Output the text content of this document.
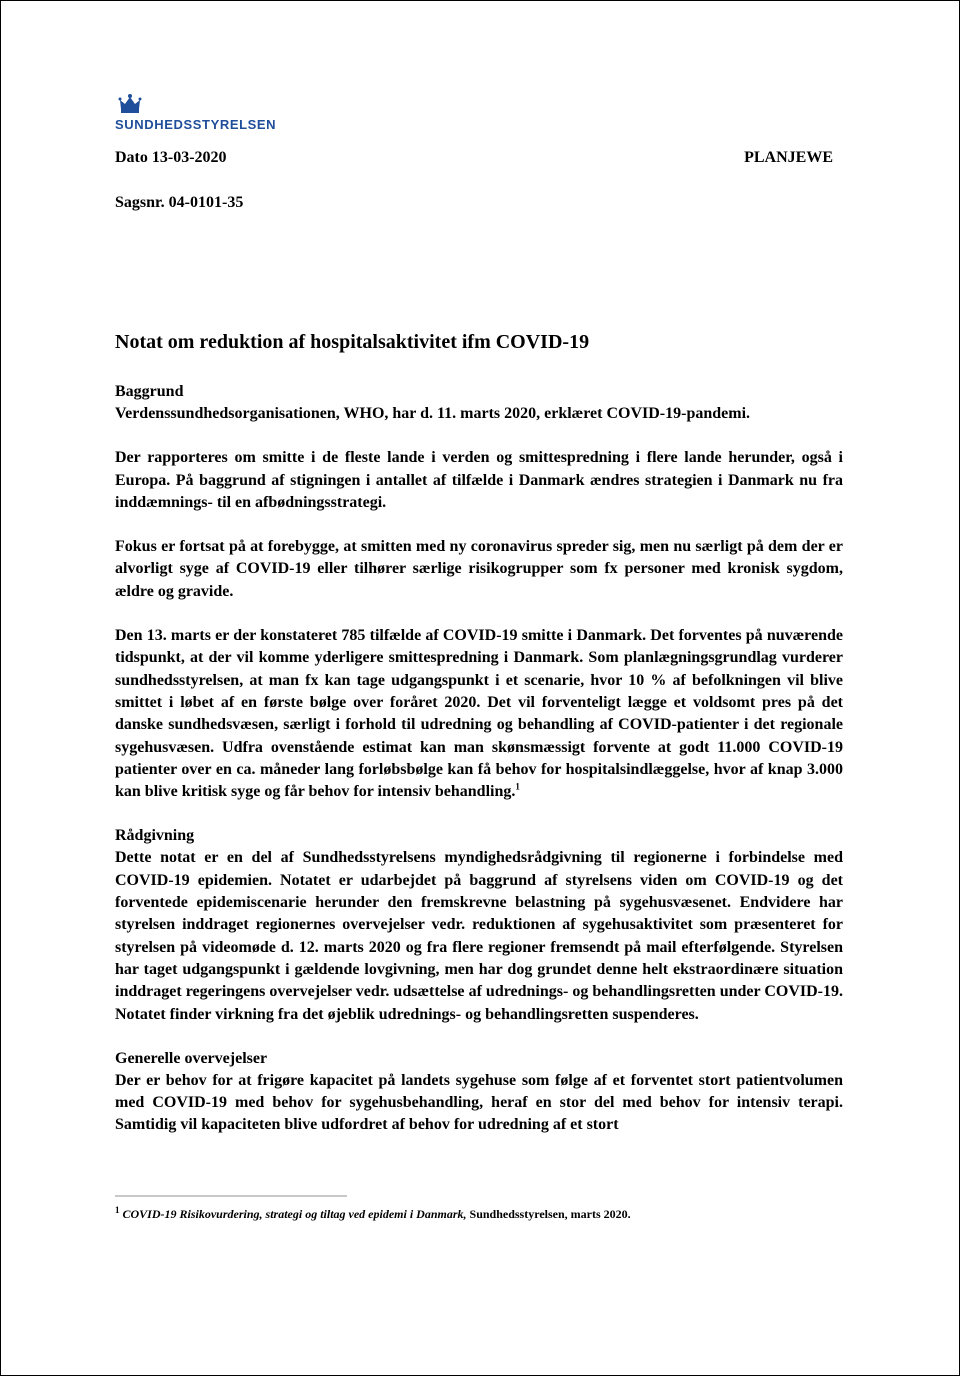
SUNDHEDSSTYRELSEN
Dato 13-03-2020	PLANJEWE
Sagsnr. 04-0101-35
Notat om reduktion af hospitalsaktivitet ifm COVID-19

Baggrund

Verdenssundhedsorganisationen, WHO, har d. 11. marts 2020, erklæret COVID-19-pandemi.

Der rapporteres om smitte i de fleste lande i verden og smittespredning i flere lande herunder, også i Europa. På baggrund af stigningen i antallet af tilfælde i Danmark ændres strategien i Danmark nu fra inddæmnings- til en afbødningsstrategi.

Fokus er fortsat på at forebygge, at smitten med ny coronavirus spreder sig, men nu særligt på dem der er alvorligt syge af COVID-19 eller tilhører særlige risikogrupper som fx personer med kronisk sygdom, ældre og gravide.

Den 13. marts er der konstateret 785 tilfælde af COVID-19 smitte i Danmark. Det forventes på nuværende tidspunkt, at der vil komme yderligere smittespredning i Danmark. Som planlægningsgrundlag vurderer sundhedsstyrelsen, at man fx kan tage udgangspunkt i et scenarie, hvor 10 % af befolkningen vil blive smittet i løbet af en første bølge over foråret 2020. Det vil forventeligt lægge et voldsomt pres på det danske sundhedsvæsen, særligt i forhold til udredning og behandling af COVID-patienter i det regionale sygehusvæsen. Udfra ovenstående estimat kan man skønsmæssigt forvente at godt 11.000 COVID-19 patienter over en ca. måneder lang forløbsbølge kan få behov for hospitalsindlæggelse, hvor af knap 3.000 kan blive kritisk syge og får behov for intensiv behandling.$^1$

Rådgivning

Dette notat er en del af Sundhedsstyrelsens myndighedsrådgivning til regionerne i forbindelse med COVID-19 epidemien. Notatet er udarbejdet på baggrund af styrelsens viden om COVID-19 og det forventede epidemiscenarie herunder den fremskrevne belastning på sygehusvæsenet. Endvidere har styrelsen inddraget regionernes overvejelser vedr. reduktionen af sygehusaktivitet som præsenteret for styrelsen på videomøde d. 12. marts 2020 og fra flere regioner fremsendt på mail efterfølgende. Styrelsen har taget udgangspunkt i gældende lovgivning, men har dog grundet denne helt ekstraordinære situation inddraget regeringens overvejelser vedr. udsættelse af udrednings- og behandlingsretten under COVID-19. Notatet finder virkning fra det øjeblik udrednings- og behandlingsretten suspenderes.

Generelle overvejelser

Der er behov for at frigøre kapacitet på landets sygehuse som følge af et forventet stort patientvolumen med COVID-19 med behov for sygehusbehandling, heraf en stor del med behov for intensiv terapi. Samtidig vil kapaciteten blive udfordret af behov for udredning af et stort

$^1$ COVID-19 Risikovurdering, strategi og tiltag ved epidemi i Danmark, Sundhedsstyrelsen, marts 2020.
